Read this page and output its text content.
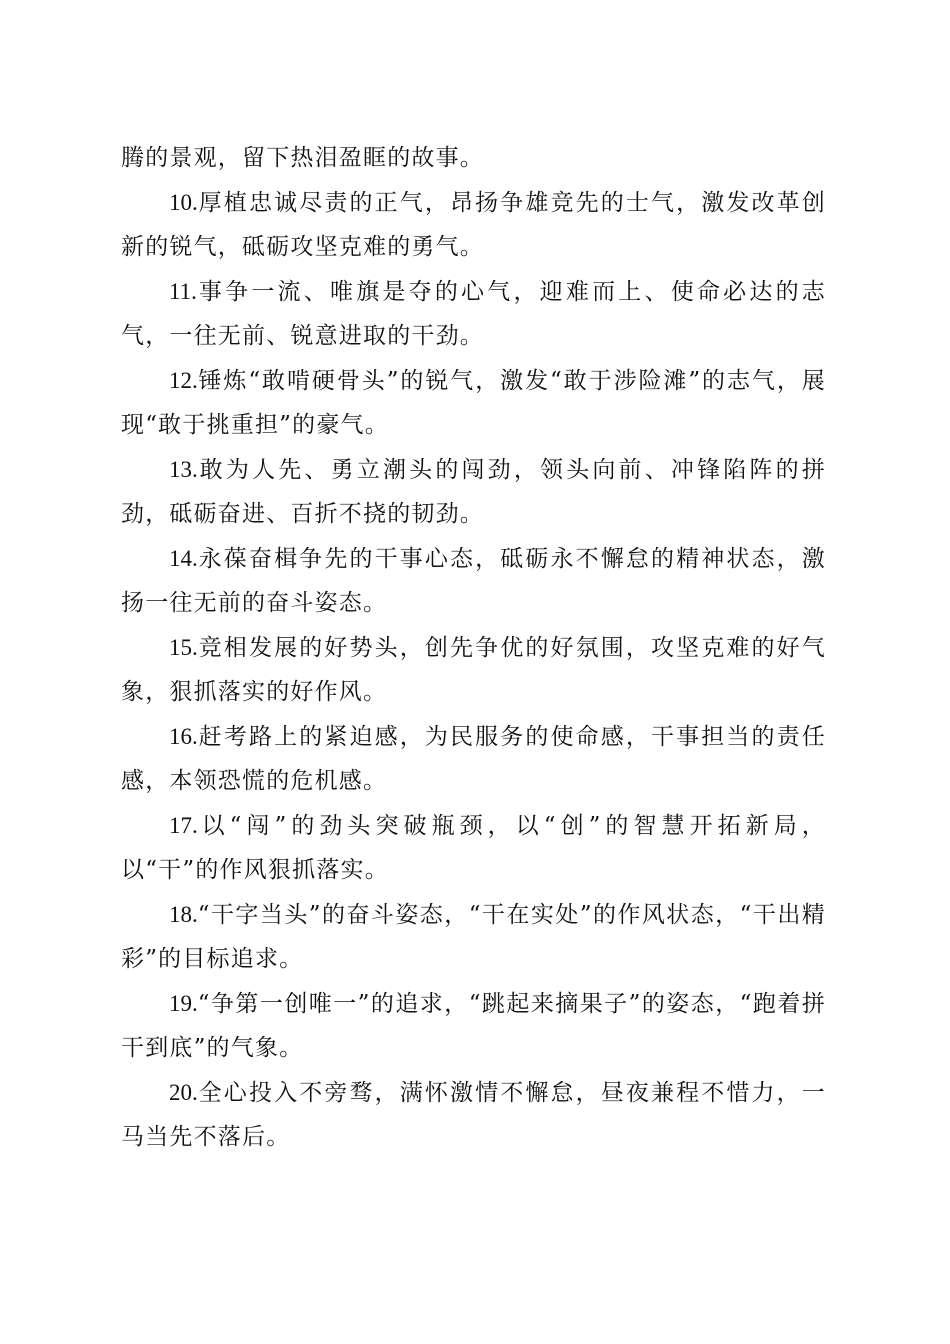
腾的景观，留下热泪盈眶的故事。

10.厚植忠诚尽责的正气，昂扬争雄竞先的士气，激发改革创新的锐气，砥砺攻坚克难的勇气。

11.事争一流、唯旗是夺的心气，迎难而上、使命必达的志气，一往无前、锐意进取的干劲。

12.锤炼“敢啃硬骨头”的锐气，激发“敢于涉险滩”的志气，展现“敢于挑重担”的豪气。

13.敢为人先、勇立潮头的闯劲，领头向前、冲锋陷阵的拼劲，砥砺奋进、百折不挠的韧劲。

14.永葆奋楫争先的干事心态，砥砺永不懈怠的精神状态，激扬一往无前的奋斗姿态。

15.竞相发展的好势头，创先争优的好氛围，攻坚克难的好气象，狠抓落实的好作风。

16.赶考路上的紧迫感，为民服务的使命感，干事担当的责任感，本领恐慌的危机感。

17.以“闯”的劲头突破瓶颈，以“创”的智慧开拓新局，以“干”的作风狠抓落实。

18.“干字当头”的奋斗姿态，“干在实处”的作风状态，“干出精彩”的目标追求。

19.“争第一创唯一”的追求，“跳起来摘果子”的姿态，“跑着拼干到底”的气象。

20.全心投入不旁骛，满怀激情不懈怠，昼夜兼程不惜力，一马当先不落后。
